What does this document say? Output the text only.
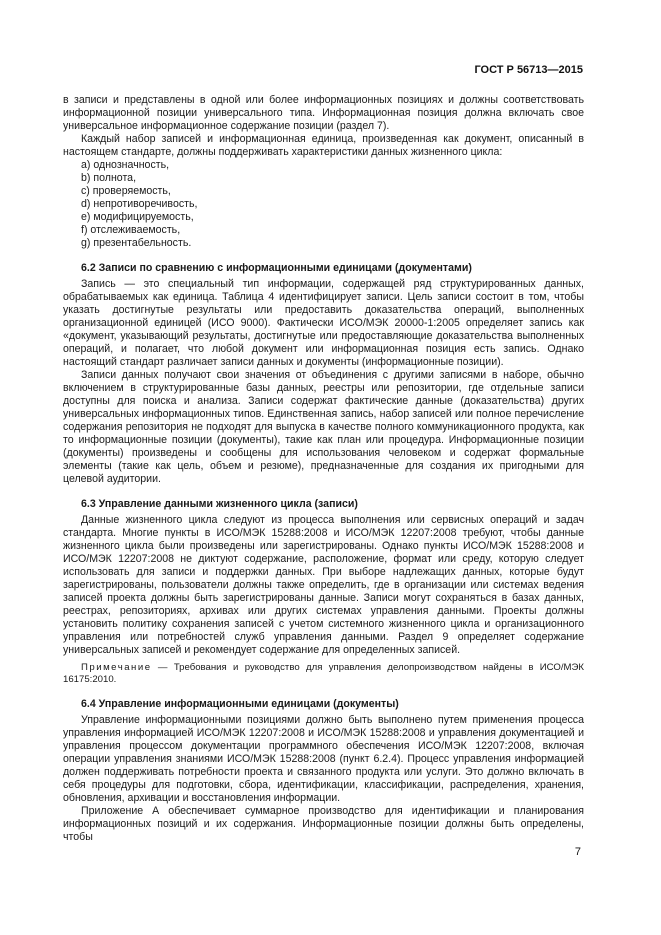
ГОСТ Р 56713—2015

в записи и представлены в одной или более информационных позициях и должны соответствовать информационной позиции универсального типа. Информационная позиция должна включать свое универсальное информационное содержание позиции (раздел 7).

Каждый набор записей и информационная единица, произведенная как документ, описанный в настоящем стандарте, должны поддерживать характеристики данных жизненного цикла:

a) однозначность,
b) полнота,
c) проверяемость,
d) непротиворечивость,
e) модифицируемость,
f) отслеживаемость,
g) презентабельность.
6.2 Записи по сравнению с информационными единицами (документами)

Запись — это специальный тип информации, содержащей ряд структурированных данных, обрабатываемых как единица. Таблица 4 идентифицирует записи. Цель записи состоит в том, чтобы указать достигнутые результаты или предоставить доказательства операций, выполненных организационной единицей (ИСО 9000). Фактически ИСО/МЭК 20000-1:2005 определяет запись как «документ, указывающий результаты, достигнутые или предоставляющие доказательства выполненных операций, и полагает, что любой документ или информационная позиция есть запись. Однако настоящий стандарт различает записи данных и документы (информационные позиции).

Записи данных получают свои значения от объединения с другими записями в наборе, обычно включением в структурированные базы данных, реестры или репозитории, где отдельные записи доступны для поиска и анализа. Записи содержат фактические данные (доказательства) других универсальных информационных типов. Единственная запись, набор записей или полное перечисление содержания репозитория не подходят для выпуска в качестве полного коммуникационного продукта, как то информационные позиции (документы), такие как план или процедура. Информационные позиции (документы) произведены и сообщены для использования человеком и содержат формальные элементы (такие как цель, объем и резюме), предназначенные для создания их пригодными для целевой аудитории.

6.3 Управление данными жизненного цикла (записи)

Данные жизненного цикла следуют из процесса выполнения или сервисных операций и задач стандарта. Многие пункты в ИСО/МЭК 15288:2008 и ИСО/МЭК 12207:2008 требуют, чтобы данные жизненного цикла были произведены или зарегистрированы. Однако пункты ИСО/МЭК 15288:2008 и ИСО/МЭК 12207:2008 не диктуют содержание, расположение, формат или среду, которую следует использовать для записи и поддержки данных. При выборе надлежащих данных, которые будут зарегистрированы, пользователи должны также определить, где в организации или системах ведения записей проекта должны быть зарегистрированы данные. Записи могут сохраняться в базах данных, реестрах, репозиториях, архивах или других системах управления данными. Проекты должны установить политику сохранения записей с учетом системного жизненного цикла и организационного управления или потребностей служб управления данными. Раздел 9 определяет содержание универсальных записей и рекомендует содержание для определенных записей.

Примечание — Требования и руководство для управления делопроизводством найдены в ИСО/МЭК 16175:2010.

6.4 Управление информационными единицами (документы)

Управление информационными позициями должно быть выполнено путем применения процесса управления информацией ИСО/МЭК 12207:2008 и ИСО/МЭК 15288:2008 и управления документацией и управления процессом документации программного обеспечения ИСО/МЭК 12207:2008, включая операции управления знаниями ИСО/МЭК 15288:2008 (пункт 6.2.4). Процесс управления информацией должен поддерживать потребности проекта и связанного продукта или услуги. Это должно включать в себя процедуры для подготовки, сбора, идентификации, классификации, распределения, хранения, обновления, архивации и восстановления информации.

Приложение А обеспечивает суммарное производство для идентификации и планирования информационных позиций и их содержания. Информационные позиции должны быть определены, чтобы

7
